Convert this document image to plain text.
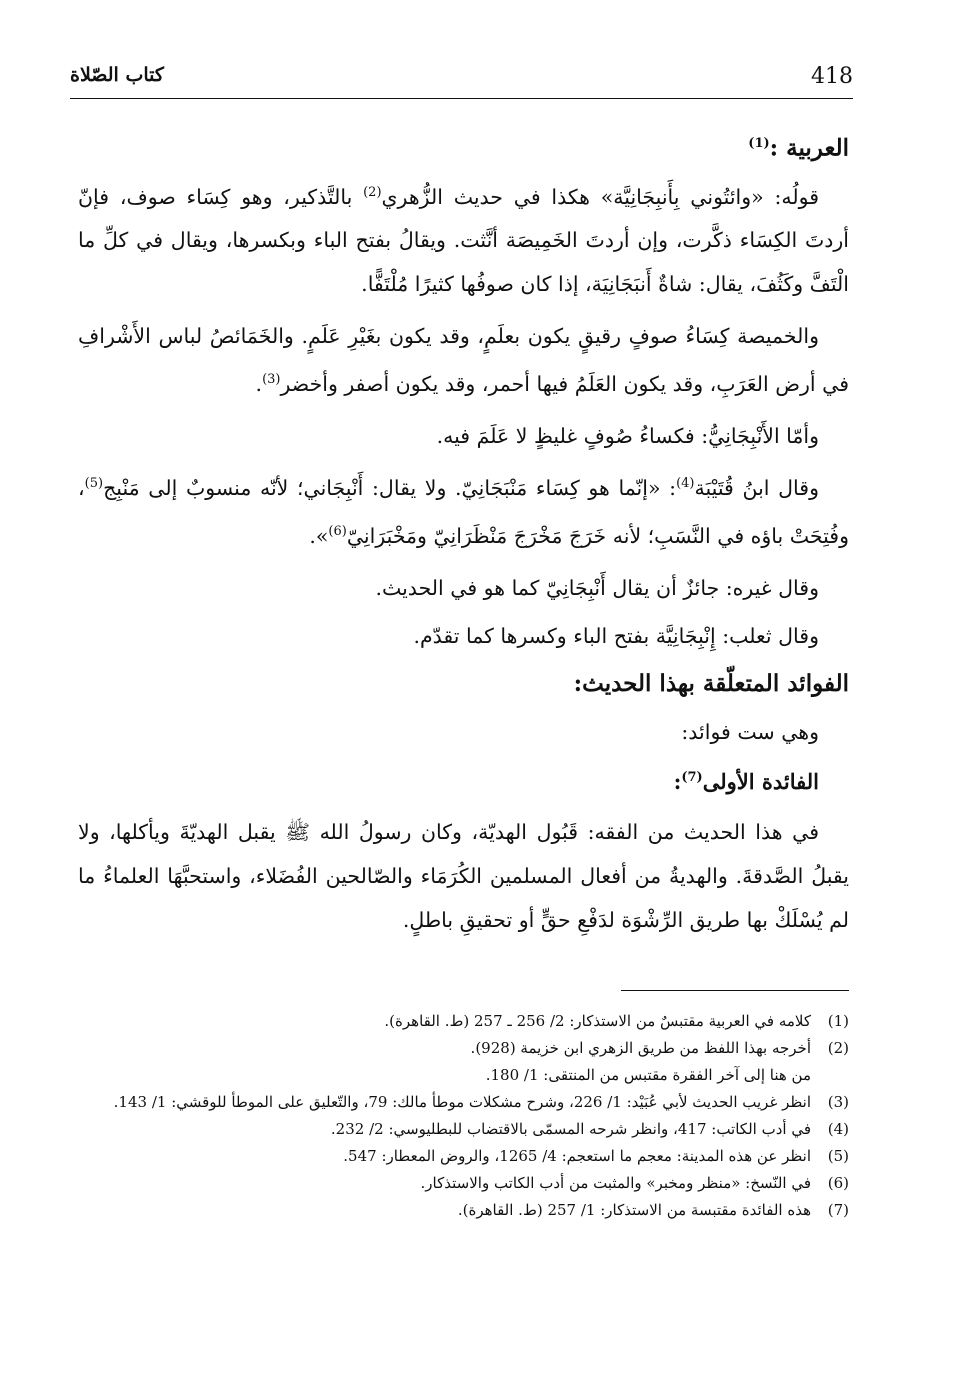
418
كتاب الصّلاة

العربية :$^{(1)}$

قولُه: «وائتُوني بِأَنبِجَانِيَّة» هكذا في حديث الزُّهري$^{(2)}$ بالتَّذكير، وهو كِسَاء صوف، فإنّ أردتَ الكِسَاء ذكَّرت، وإن أردتَ الخَمِيصَة أنَّثت. ويقالُ بفتح الباء وبكسرها، ويقال في كلِّ ما الْتَفَّ وكَثُفَ، يقال: شاةٌ أَنبَجَانِيَة، إذا كان صوفُها كثيرًا مُلْتَفًّا.

والخميصة كِسَاءُ صوفٍ رقيقٍ يكون بعلَمٍ، وقد يكون بغَيْرِ عَلَمٍ. والخَمَائصُ لباس الأَشْرافِ في أرض العَرَبِ، وقد يكون العَلَمُ فيها أحمر، وقد يكون أصفر وأخضر$^{(3)}$.

وأمّا الأَنْبِجَانِيُّ: فكساءُ صُوفٍ غليظٍ لا عَلَمَ فيه.

وقال ابنُ قُتَيْبَة$^{(4)}$: «إنّما هو كِسَاء مَنْبَجَانِيّ. ولا يقال: أَنْبِجَاني؛ لأنّه منسوبٌ إلى مَنْبِج$^{(5)}$، وفُتِحَتْ باؤه في النَّسَبِ؛ لأنه خَرَجَ مَخْرَجَ مَنْظَرَانِيّ ومَخْبَرَانِيّ$^{(6)}$».

وقال غيره: جائزٌ أن يقال أَنْبِجَانِيّ كما هو في الحديث.

وقال ثعلب: إِنْبِجَانِيَّة بفتح الباء وكسرها كما تقدّم.

الفوائد المتعلّقة بهذا الحديث:

وهي ست فوائد:

الفائدة الأولى$^{(7)}$:

في هذا الحديث من الفقه: قَبُول الهديّة، وكان رسولُ الله ﷺ يقبل الهديّةَ ويأكلها، ولا يقبلُ الصَّدقةَ. والهديةُ من أفعال المسلمين الكُرَمَاء والصّالحين الفُضَلاء، واستحبَّهَا العلماءُ ما لم يُسْلَكْ بها طريق الرِّشْوَة لدَفْعِ حقٍّ أو تحقيقِ باطلٍ.

(1)
كلامه في العربية مقتبسٌ من الاستذكار: 2/ 256 ـ 257 (ط. القاهرة).

(2)
أخرجه بهذا اللفظ من طريق الزهري ابن خزيمة (928).

من هنا إلى آخر الفقرة مقتبس من المنتقى: 1/ 180.

(3)
انظر غريب الحديث لأبي عُبَيْد: 1/ 226، وشرح مشكلات موطأ مالك: 79، والتّعليق على الموطأ للوقشي: 1/ 143.

(4)
في أدب الكاتب: 417، وانظر شرحه المسمّى بالاقتضاب للبطليوسي: 2/ 232.

(5)
انظر عن هذه المدينة: معجم ما استعجم: 4/ 1265، والروض المعطار: 547.

(6)
في النّسخ: «منظر ومخبر» والمثبت من أدب الكاتب والاستذكار.

(7)
هذه الفائدة مقتبسة من الاستذكار: 1/ 257 (ط. القاهرة).
